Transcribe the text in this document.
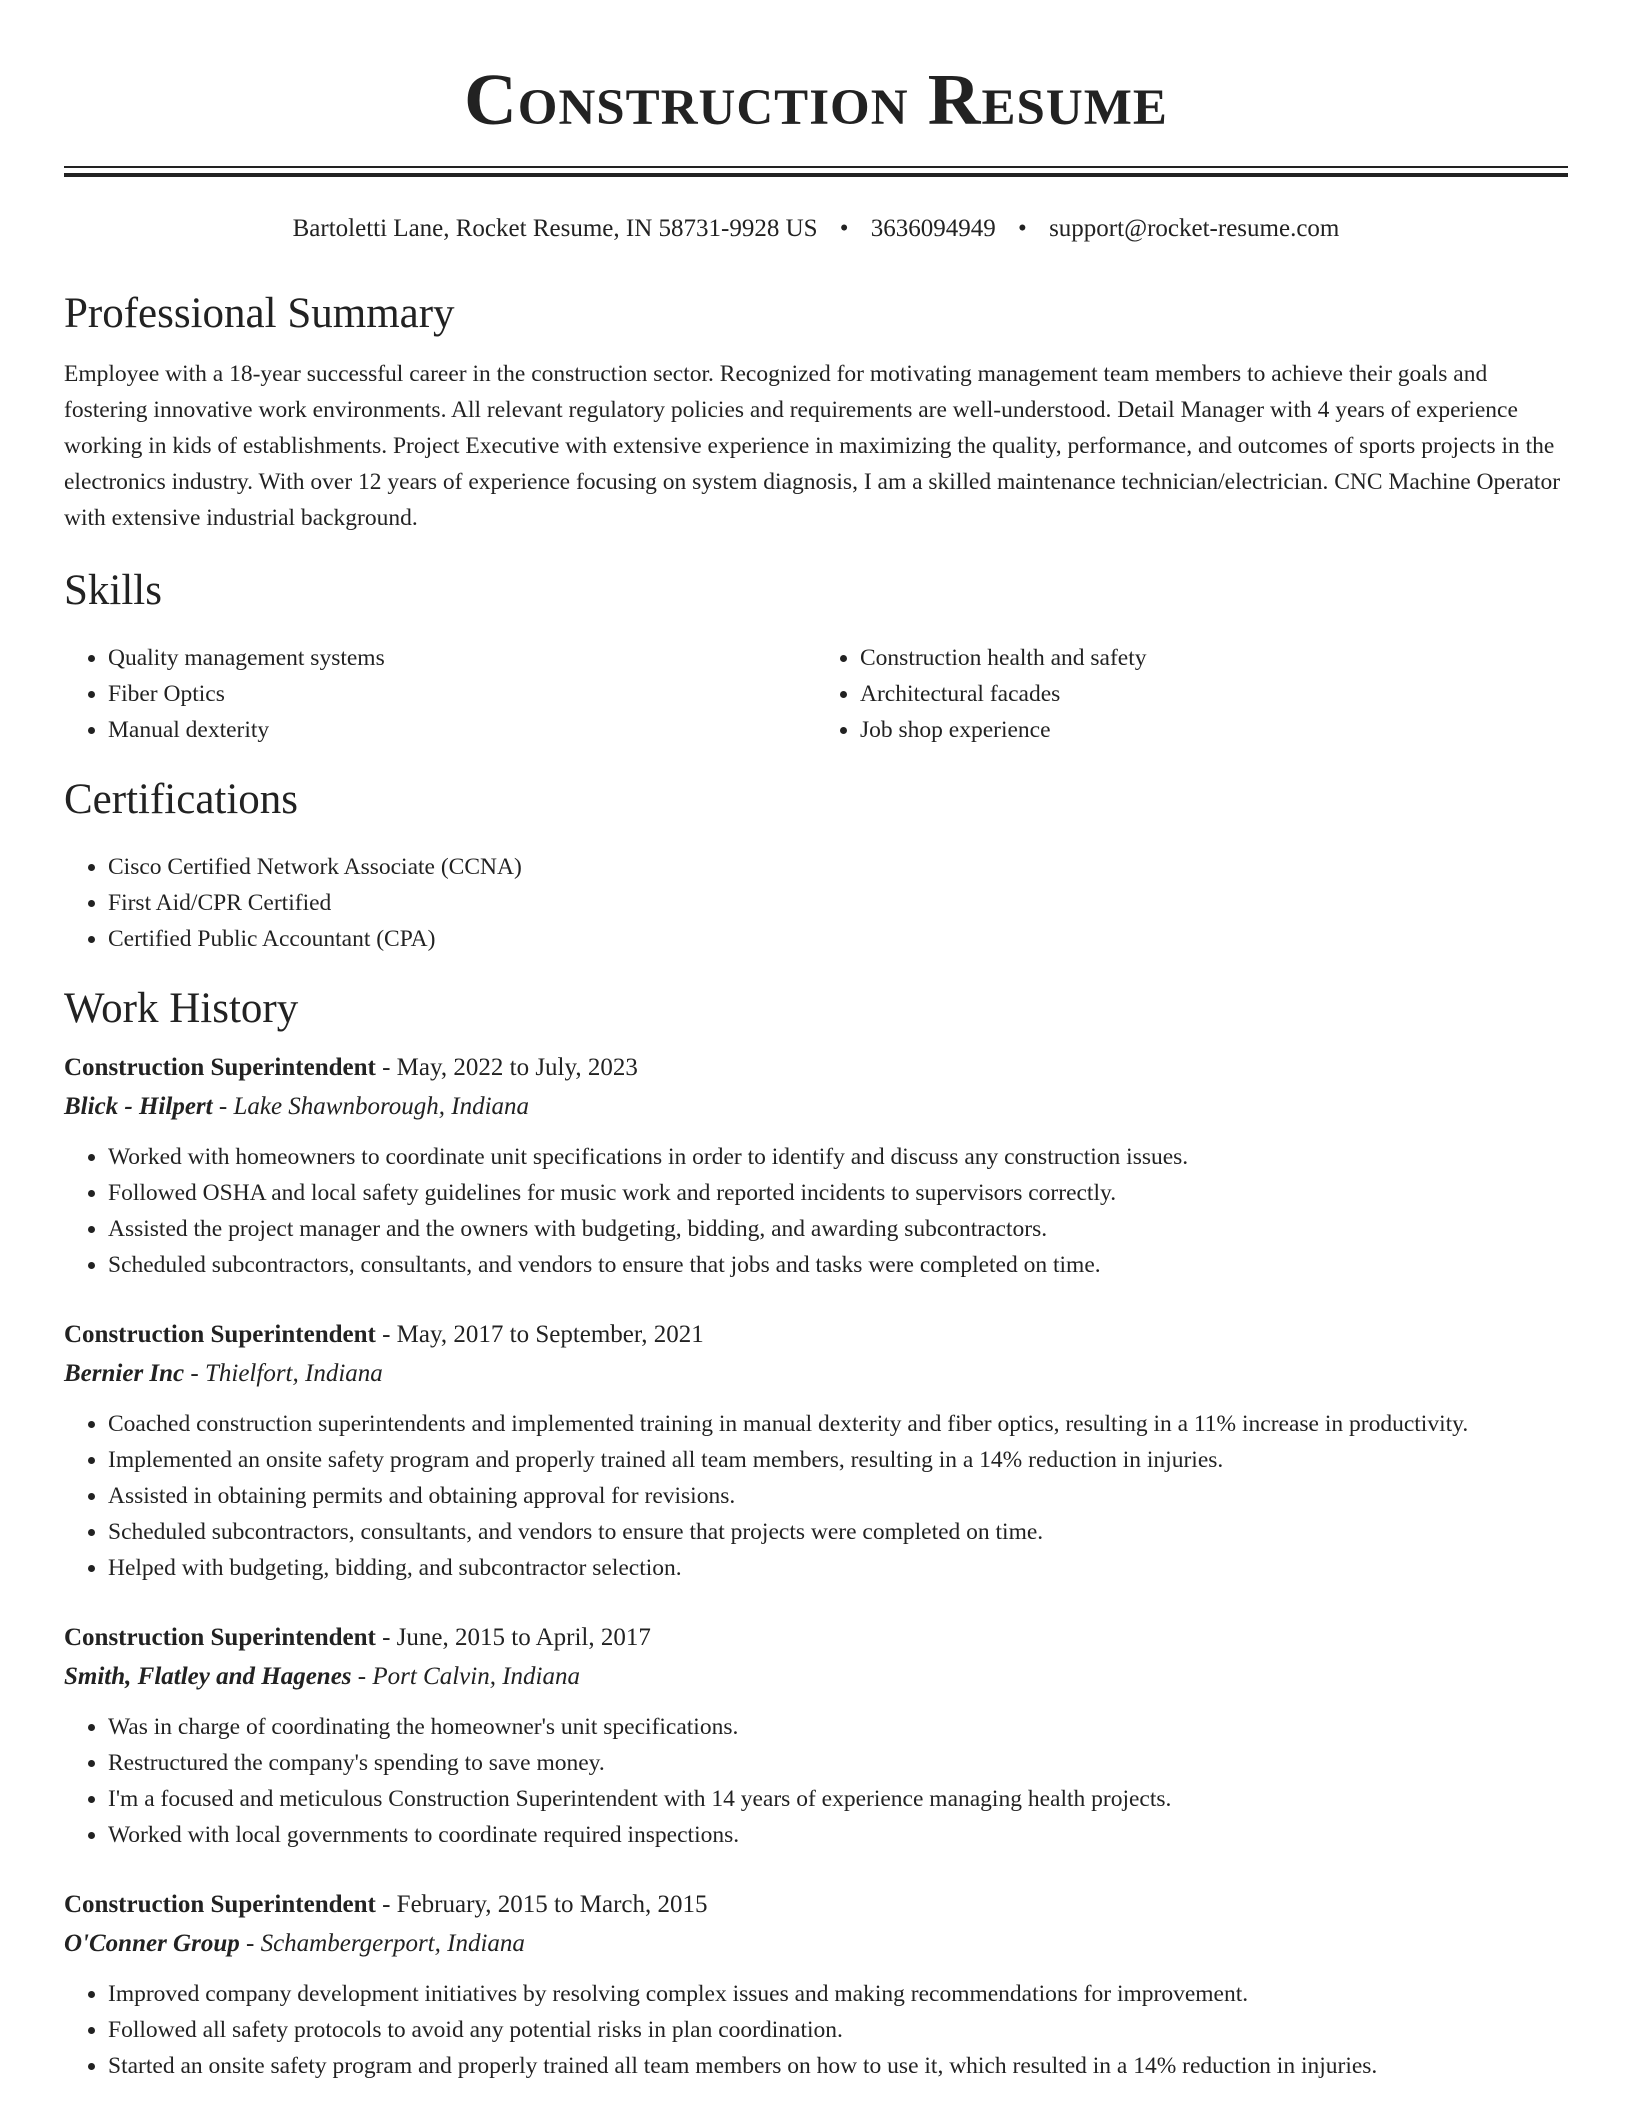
Construction Resume
Bartoletti Lane, Rocket Resume, IN 58731-9928 US • 3636094949 • support@rocket-resume.com
Professional Summary

Employee with a 18-year successful career in the construction sector. Recognized for motivating management team members to achieve their goals and fostering innovative work environments. All relevant regulatory policies and requirements are well-understood. Detail Manager with 4 years of experience working in kids of establishments. Project Executive with extensive experience in maximizing the quality, performance, and outcomes of sports projects in the electronics industry. With over 12 years of experience focusing on system diagnosis, I am a skilled maintenance technician/electrician. CNC Machine Operator with extensive industrial background.

Skills
• Quality management systems
• Fiber Optics
• Manual dexterity
• Construction health and safety
• Architectural facades
• Job shop experience
Certifications
• Cisco Certified Network Associate (CCNA)
• First Aid/CPR Certified
• Certified Public Accountant (CPA)
Work History
Construction Superintendent - May, 2022 to July, 2023
Blick - Hilpert - Lake Shawnborough, Indiana
• Worked with homeowners to coordinate unit specifications in order to identify and discuss any construction issues.
• Followed OSHA and local safety guidelines for music work and reported incidents to supervisors correctly.
• Assisted the project manager and the owners with budgeting, bidding, and awarding subcontractors.
• Scheduled subcontractors, consultants, and vendors to ensure that jobs and tasks were completed on time.
Construction Superintendent - May, 2017 to September, 2021
Bernier Inc - Thielfort, Indiana
• Coached construction superintendents and implemented training in manual dexterity and fiber optics, resulting in a 11% increase in productivity.
• Implemented an onsite safety program and properly trained all team members, resulting in a 14% reduction in injuries.
• Assisted in obtaining permits and obtaining approval for revisions.
• Scheduled subcontractors, consultants, and vendors to ensure that projects were completed on time.
• Helped with budgeting, bidding, and subcontractor selection.
Construction Superintendent - June, 2015 to April, 2017
Smith, Flatley and Hagenes - Port Calvin, Indiana
• Was in charge of coordinating the homeowner's unit specifications.
• Restructured the company's spending to save money.
• I'm a focused and meticulous Construction Superintendent with 14 years of experience managing health projects.
• Worked with local governments to coordinate required inspections.
Construction Superintendent - February, 2015 to March, 2015
O'Conner Group - Schambergerport, Indiana
• Improved company development initiatives by resolving complex issues and making recommendations for improvement.
• Followed all safety protocols to avoid any potential risks in plan coordination.
• Started an onsite safety program and properly trained all team members on how to use it, which resulted in a 14% reduction in injuries.
